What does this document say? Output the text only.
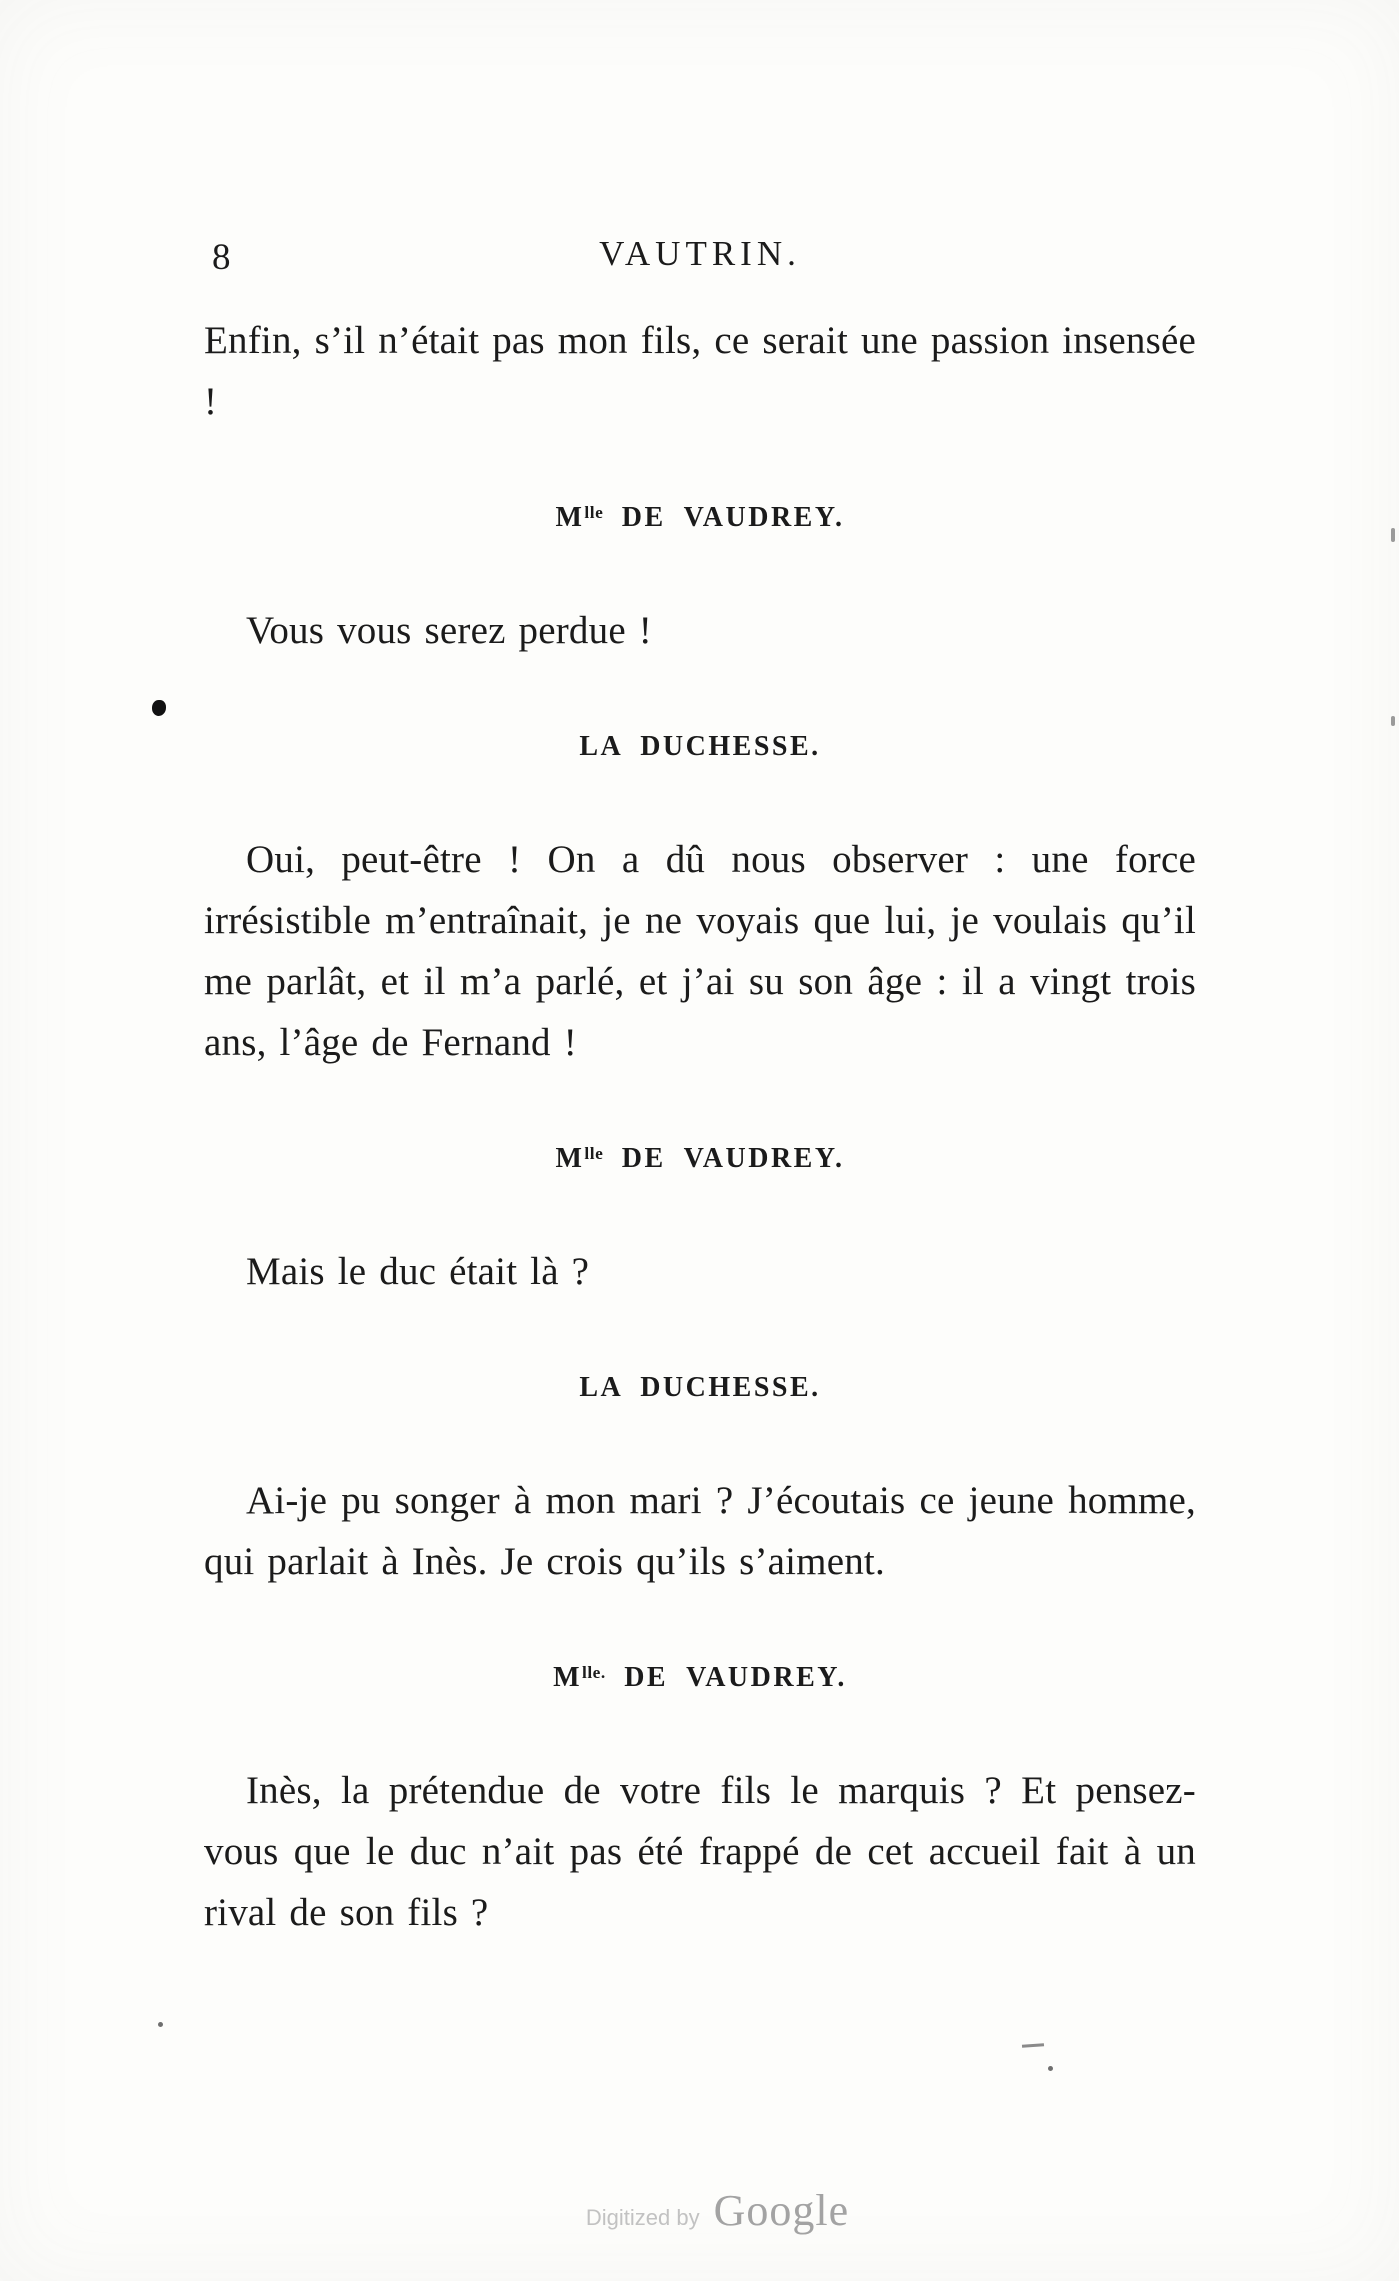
8	VAUTRIN.

Enfin, s’il n’était pas mon fils, ce serait une passion insensée !

$M^{lle}$ DE VAUDREY.

Vous vous serez perdue !

LA DUCHESSE.

Oui, peut-être ! On a dû nous observer : une force irrésistible m’entraînait, je ne voyais que lui, je voulais qu’il me parlât, et il m’a parlé, et j’ai su son âge : il a vingt trois ans, l’âge de Fernand !

$M^{lle}$ DE VAUDREY.

Mais le duc était là ?

LA DUCHESSE.

Ai-je pu songer à mon mari ? J’écoutais ce jeune homme, qui parlait à Inès. Je crois qu’ils s’aiment.

$M^{lle.}$ DE VAUDREY.

Inès, la prétendue de votre fils le marquis ? Et pensez-vous que le duc n’ait pas été frappé de cet accueil fait à un rival de son fils ?

Digitized by Google
